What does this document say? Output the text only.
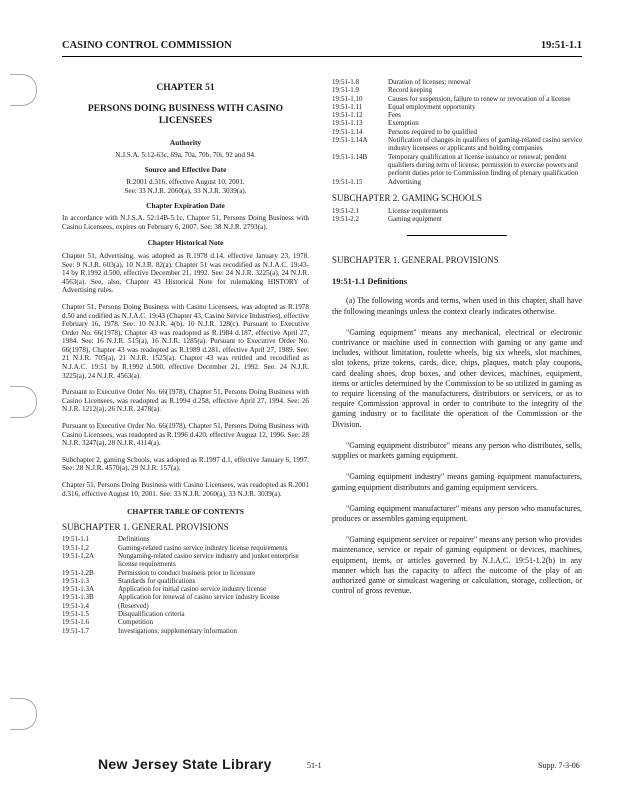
CASINO CONTROL COMMISSION	19:51-1.1
CHAPTER 51
PERSONS DOING BUSINESS WITH CASINO LICENSEES
Authority
N.J.S.A. 5:12-63c, 69a, 70a, 70b, 70i, 92 and 94.
Source and Effective Date
R.2001 d.316, effective August 10, 2001.
See: 33 N.J.R. 2060(a), 33 N.J.R. 3039(a).
Chapter Expiration Date
In accordance with N.J.S.A. 52:14B-5.1c, Chapter 51, Persons Doing Business with Casino Licensees, expires on February 6, 2007. See: 38 N.J.R. 2793(a).
Chapter Historical Note
Chapter 51, Advertising, was adopted as R.1978 d.14, effective January 23, 1978. See: 9 N.J.R. 603(a), 10 N.J.R. 82(a). Chapter 51 was recodified as N.J.A.C. 19:43-14 by R.1992 d.500, effective December 21, 1992. See: 24 N.J.R. 3225(a), 24 N.J.R. 4563(a). See, also, Chapter 43 Historical Note for rulemaking HISTORY of Advertising rules.
Chapter 51, Persons Doing Business with Casino Licensees, was adopted as R.1978 d.50 and codified as N.J.A.C. 19:43 (Chapter 43, Casino Service Industries), effective February 16, 1978. See: 10 N.J.R. 4(b), 10 N.J.R. 128(c). Pursuant to Executive Order No. 66(1978), Chapter 43 was readopted as R.1984 d.187, effective April 27, 1984. See: 16 N.J.R. 515(a), 16 N.J.R. 1285(a). Pursuant to Executive Order No. 66(1978), Chapter 43 was readopted as R.1989 d.281, effective April 27, 1989. See: 21 N.J.R. 705(a), 21 N.J.R. 1525(a). Chapter 43 was retitled and recodified as N.J.A.C. 19:51 by R.1992 d.500, effective December 21, 1992. See: 24 N.J.R. 3225(a), 24 N.J.R. 4563(a).
Pursuant to Executive Order No. 66(1978), Chapter 51, Persons Doing Business with Casino Licensees, was readopted as R.1994 d.258, effective April 27, 1994. See: 26 N.J.R. 1212(a), 26 N.J.R. 2478(a).
Pursuant to Executive Order No. 66(1978), Chapter 51, Persons Doing Business with Casino Licensees, was readopted as R.1996 d.420, effective August 12, 1996. See: 28 N.J.R. 3247(a), 28 N.J.R. 4114(a).
Subchapter 2, gaming Schools, was adopted as R.1997 d.1, effective January 6, 1997. See: 28 N.J.R. 4570(a), 29 N.J.R. 157(a).
Chapter 51, Persons Doing Business with Casino Licensees, was readopted as R.2001 d.316, effective August 10, 2001. See: 33 N.J.R. 2060(a), 33 N.J.R. 3039(a).
CHAPTER TABLE OF CONTENTS
SUBCHAPTER 1. GENERAL PROVISIONS
19:51-1.1	Definitions
19:51-1.2	Gaming-related casino service industry license requirements
19:51-1.2A	Nongaming-related casino service industry and junket enterprise license requirements
19:51-1.2B	Permission to conduct business prior to licensure
19:51-1.3	Standards for qualifications
19:51-1.3A	Application for initial casino service industry license
19:51-1.3B	Application for renewal of casino service industry license
19:51-1.4	(Reserved)
19:51-1.5	Disqualification criteria
19:51-1.6	Competition
19:51-1.7	Investigations; supplementary information
19:51-1.8	Duration of licenses; renewal
19:51-1.9	Record keeping
19:51-1.10	Causes for suspension, failure to renew or revocation of a license
19:51-1.11	Equal employment opportunity
19:51-1.12	Fees
19:51-1.13	Exemption
19:51-1.14	Persons required to be qualified
19:51-1.14A	Notification of changes in qualifiers of gaming-related casino service industry licensees or applicants and holding companies
19:51-1.14B	Temporary qualification at license issuance or renewal; pendent qualifiers during term of license; permission to exercise powers and perform duties prior to Commission finding of plenary qualification
19:51-1.15	Advertising
SUBCHAPTER 2. GAMING SCHOOLS
19:51-2.1	License requirements
19:51-2.2	Gaming equipment
SUBCHAPTER 1. GENERAL PROVISIONS
19:51-1.1 Definitions
(a) The following words and terms, when used in this chapter, shall have the following meanings unless the context clearly indicates otherwise.
"Gaming equipment" means any mechanical, electrical or electronic contrivance or machine used in connection with gaming or any game and includes, without limitation, roulette wheels, big six wheels, slot machines, slot tokens, prize tokens, cards, dice, chips, plaques, match play coupons, card dealing shoes, drop boxes, and other devices, machines, equipment, items or articles determined by the Commission to be so utilized in gaming as to require licensing of the manufacturers, distributors or servicers, or as to require Commission approval in order to contribute to the integrity of the gaming industry or to facilitate the operation of the Commission or the Division.
"Gaming equipment distributor" means any person who distributes, sells, supplies or markets gaming equipment.
"Gaming equipment industry" means gaming equipment manufacturers, gaming equipment distributors and gaming equipment servicers.
"Gaming equipment manufacturer" means any person who manufactures, produces or assembles gaming equipment.
"Gaming equipment servicer or repairer" means any person who provides maintenance, service or repair of gaming equipment or devices, machines, equipment, items, or articles governed by N.J.A.C. 19:51-1.2(b) in any manner which has the capacity to affect the outcome of the play of an authorized game or simulcast wagering or calculation, storage, collection, or control of gross revenue.
New Jersey State Library	51-1	Supp. 7-3-06
